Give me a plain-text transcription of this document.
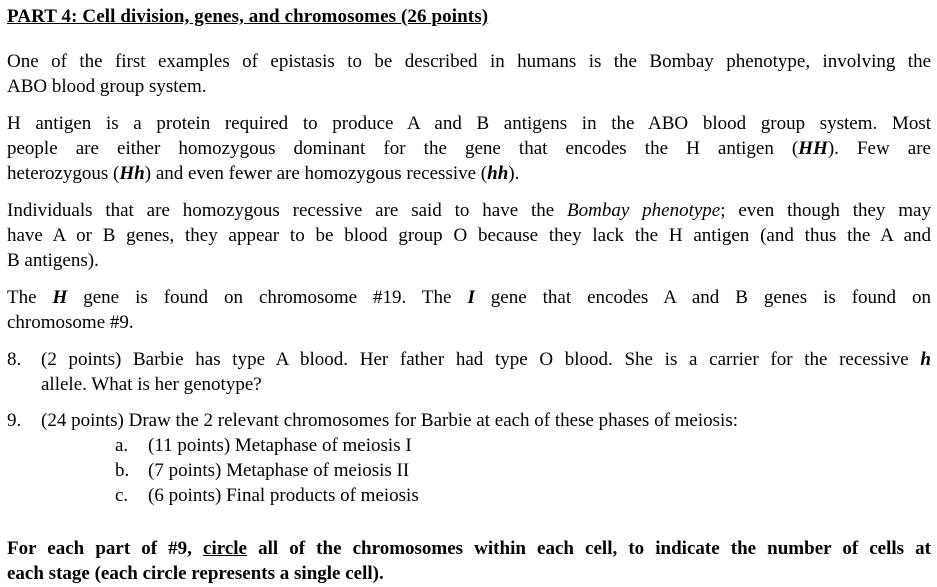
PART 4: Cell division, genes, and chromosomes (26 points)
One of the first examples of epistasis to be described in humans is the Bombay phenotype, involving the
ABO blood group system.
H antigen is a protein required to produce A and B antigens in the ABO blood group system. Most
people are either homozygous dominant for the gene that encodes the H antigen (HH). Few are
heterozygous (Hh) and even fewer are homozygous recessive (hh).
Individuals that are homozygous recessive are said to have the Bombay phenotype; even though they may
have A or B genes, they appear to be blood group O because they lack the H antigen (and thus the A and
B antigens).
The H gene is found on chromosome #19. The I gene that encodes A and B genes is found on
chromosome #9.
8. (2 points) Barbie has type A blood. Her father had type O blood. She is a carrier for the recessive h
allele. What is her genotype?
9. (24 points) Draw the 2 relevant chromosomes for Barbie at each of these phases of meiosis:
a. (11 points) Metaphase of meiosis I
b. (7 points) Metaphase of meiosis II
c. (6 points) Final products of meiosis
For each part of #9, circle all of the chromosomes within each cell, to indicate the number of cells at
each stage (each circle represents a single cell).
